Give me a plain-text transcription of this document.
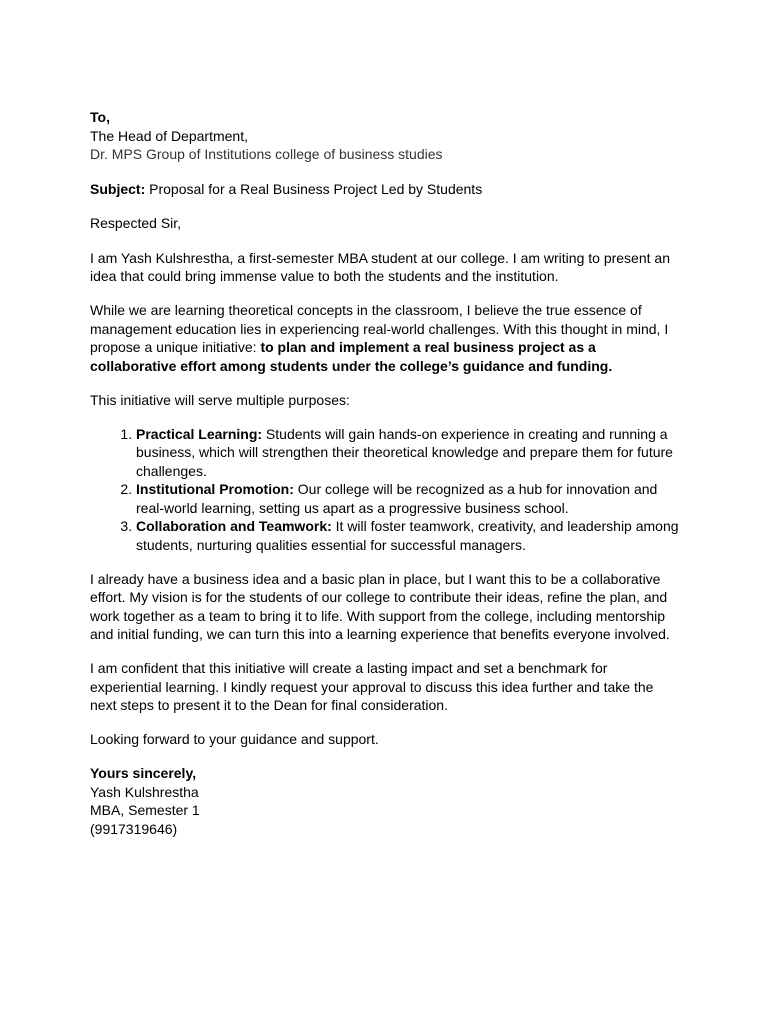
To,

The Head of Department,

Dr. MPS Group of Institutions college of business studies

Subject: Proposal for a Real Business Project Led by Students

Respected Sir,

I am Yash Kulshrestha, a first-semester MBA student at our college. I am writing to present an idea that could bring immense value to both the students and the institution.

While we are learning theoretical concepts in the classroom, I believe the true essence of management education lies in experiencing real-world challenges. With this thought in mind, I propose a unique initiative: to plan and implement a real business project as a collaborative effort among students under the college’s guidance and funding.

This initiative will serve multiple purposes:

1. Practical Learning: Students will gain hands-on experience in creating and running a business, which will strengthen their theoretical knowledge and prepare them for future challenges.
2. Institutional Promotion: Our college will be recognized as a hub for innovation and real-world learning, setting us apart as a progressive business school.
3. Collaboration and Teamwork: It will foster teamwork, creativity, and leadership among students, nurturing qualities essential for successful managers.

I already have a business idea and a basic plan in place, but I want this to be a collaborative effort. My vision is for the students of our college to contribute their ideas, refine the plan, and work together as a team to bring it to life. With support from the college, including mentorship and initial funding, we can turn this into a learning experience that benefits everyone involved.

I am confident that this initiative will create a lasting impact and set a benchmark for experiential learning. I kindly request your approval to discuss this idea further and take the next steps to present it to the Dean for final consideration.

Looking forward to your guidance and support.

Yours sincerely,

Yash Kulshrestha

MBA, Semester 1

(9917319646)
